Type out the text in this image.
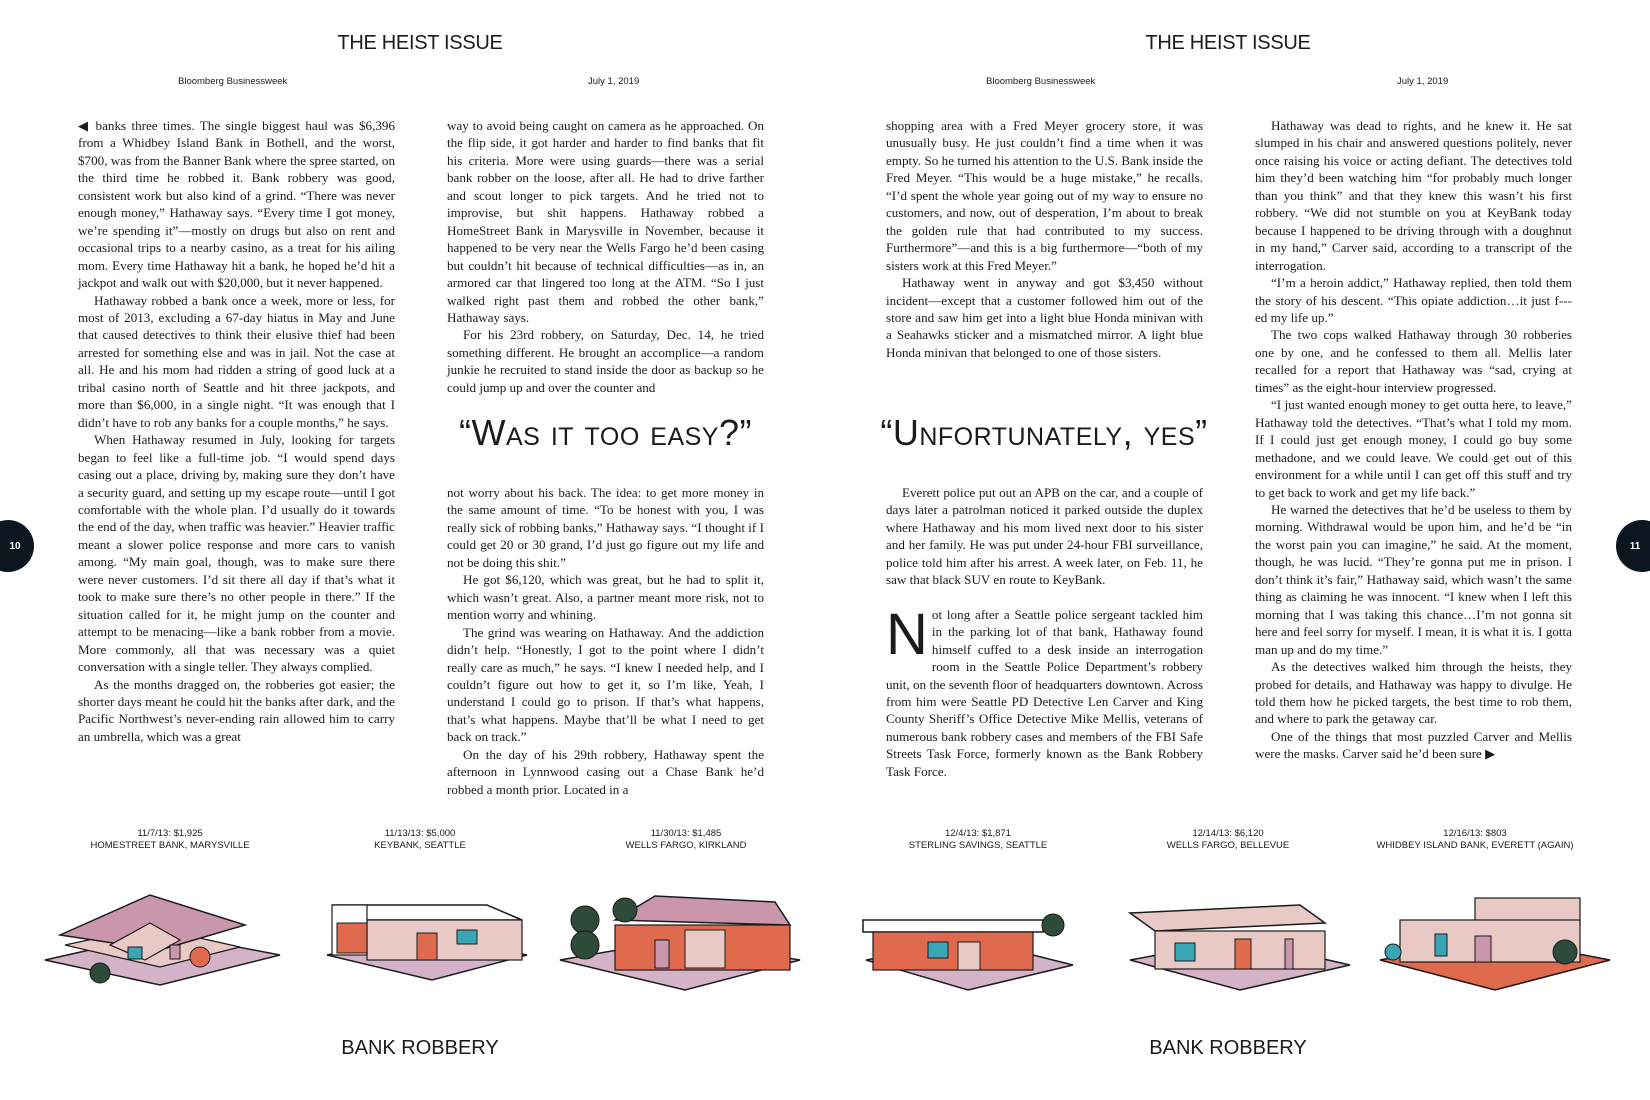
THE HEIST ISSUE
Bloomberg Businessweek	July 1, 2019

◀ banks three times. The single biggest haul was $6,396 from a Whidbey Island Bank in Bothell, and the worst, $700, was from the Banner Bank where the spree started, on the third time he robbed it. Bank robbery was good, consistent work but also kind of a grind. “There was never enough money,” Hathaway says. “Every time I got money, we’re spending it”—mostly on drugs but also on rent and occasional trips to a nearby casino, as a treat for his ailing mom. Every time Hathaway hit a bank, he hoped he’d hit a jackpot and walk out with $20,000, but it never happened.

Hathaway robbed a bank once a week, more or less, for most of 2013, excluding a 67-day hiatus in May and June that caused detectives to think their elusive thief had been arrested for something else and was in jail. Not the case at all. He and his mom had ridden a string of good luck at a tribal casino north of Seattle and hit three jackpots, and more than $6,000, in a single night. “It was enough that I didn’t have to rob any banks for a couple months,” he says.

When Hathaway resumed in July, looking for targets began to feel like a full-time job. “I would spend days casing out a place, driving by, making sure they don’t have a security guard, and setting up my escape route—until I got comfortable with the whole plan. I’d usually do it towards the end of the day, when traffic was heavier.” Heavier traffic meant a slower police response and more cars to vanish among. “My main goal, though, was to make sure there were never customers. I’d sit there all day if that’s what it took to make sure there’s no other people in there.” If the situation called for it, he might jump on the counter and attempt to be menacing—like a bank robber from a movie. More commonly, all that was necessary was a quiet conversation with a single teller. They always complied.

As the months dragged on, the robberies got easier; the shorter days meant he could hit the banks after dark, and the Pacific Northwest’s never-ending rain allowed him to carry an umbrella, which was a great

way to avoid being caught on camera as he approached. On the flip side, it got harder and harder to find banks that fit his criteria. More were using guards—there was a serial bank robber on the loose, after all. He had to drive farther and scout longer to pick targets. And he tried not to improvise, but shit happens. Hathaway robbed a HomeStreet Bank in Marysville in November, because it happened to be very near the Wells Fargo he’d been casing but couldn’t hit because of technical difficulties—as in, an armored car that lingered too long at the ATM. “So I just walked right past them and robbed the other bank,” Hathaway says.

For his 23rd robbery, on Saturday, Dec. 14, he tried something different. He brought an accomplice—a random junkie he recruited to stand inside the door as backup so he could jump up and over the counter and

“Was it too easy?”

not worry about his back. The idea: to get more money in the same amount of time. “To be honest with you, I was really sick of robbing banks,” Hathaway says. “I thought if I could get 20 or 30 grand, I’d just go figure out my life and not be doing this shit.”

He got $6,120, which was great, but he had to split it, which wasn’t great. Also, a partner meant more risk, not to mention worry and whining.

The grind was wearing on Hathaway. And the addiction didn’t help. “Honestly, I got to the point where I didn’t really care as much,” he says. “I knew I needed help, and I couldn’t figure out how to get it, so I’m like, Yeah, I understand I could go to prison. If that’s what happens, that’s what happens. Maybe that’ll be what I need to get back on track.”

On the day of his 29th robbery, Hathaway spent the afternoon in Lynnwood casing out a Chase Bank he’d robbed a month prior. Located in a

10
THE HEIST ISSUE
Bloomberg Businessweek	July 1, 2019

shopping area with a Fred Meyer grocery store, it was unusually busy. He just couldn’t find a time when it was empty. So he turned his attention to the U.S. Bank inside the Fred Meyer. “This would be a huge mistake,” he recalls. “I’d spent the whole year going out of my way to ensure no customers, and now, out of desperation, I’m about to break the golden rule that had contributed to my success. Furthermore”—and this is a big furthermore—“both of my sisters work at this Fred Meyer.”

Hathaway went in anyway and got $3,450 without incident—except that a customer followed him out of the store and saw him get into a light blue Honda minivan with a Seahawks sticker and a mismatched mirror. A light blue Honda minivan that belonged to one of those sisters.

“Unfortunately, yes”

Everett police put out an APB on the car, and a couple of days later a patrolman noticed it parked outside the duplex where Hathaway and his mom lived next door to his sister and her family. He was put under 24-hour FBI surveillance, police told him after his arrest. A week later, on Feb. 11, he saw that black SUV en route to KeyBank.

Not long after a Seattle police sergeant tackled him in the parking lot of that bank, Hathaway found himself cuffed to a desk inside an interrogation room in the Seattle Police Department’s robbery unit, on the seventh floor of headquarters downtown. Across from him were Seattle PD Detective Len Carver and King County Sheriff’s Office Detective Mike Mellis, veterans of numerous bank robbery cases and members of the FBI Safe Streets Task Force, formerly known as the Bank Robbery Task Force.

Hathaway was dead to rights, and he knew it. He sat slumped in his chair and answered questions politely, never once raising his voice or acting defiant. The detectives told him they’d been watching him “for probably much longer than you think” and that they knew this wasn’t his first robbery. “We did not stumble on you at KeyBank today because I happened to be driving through with a doughnut in my hand,” Carver said, according to a transcript of the interrogation.

“I’m a heroin addict,” Hathaway replied, then told them the story of his descent. “This opiate addiction…it just f---ed my life up.”

The two cops walked Hathaway through 30 robberies one by one, and he confessed to them all. Mellis later recalled for a report that Hathaway was “sad, crying at times” as the eight-hour interview progressed.

“I just wanted enough money to get outta here, to leave,” Hathaway told the detectives. “That’s what I told my mom. If I could just get enough money, I could go buy some methadone, and we could leave. We could get out of this environment for a while until I can get off this stuff and try to get back to work and get my life back.”

He warned the detectives that he’d be useless to them by morning. Withdrawal would be upon him, and he’d be “in the worst pain you can imagine,” he said. At the moment, though, he was lucid. “They’re gonna put me in prison. I don’t think it’s fair,” Hathaway said, which wasn’t the same thing as claiming he was innocent. “I knew when I left this morning that I was taking this chance…I’m not gonna sit here and feel sorry for myself. I mean, it is what it is. I gotta man up and do my time.”

As the detectives walked him through the heists, they probed for details, and Hathaway was happy to divulge. He told them how he picked targets, the best time to rob them, and where to park the getaway car.

One of the things that most puzzled Carver and Mellis were the masks. Carver said he’d been sure ▶

11
11/7/13: $1,925
HOMESTREET BANK, MARYSVILLE
11/13/13: $5,000
KEYBANK, SEATTLE
11/30/13: $1,485
WELLS FARGO, KIRKLAND
12/4/13: $1,871
STERLING SAVINGS, SEATTLE
12/14/13: $6,120
WELLS FARGO, BELLEVUE
12/16/13: $803
WHIDBEY ISLAND BANK, EVERETT (AGAIN)
BANK ROBBERY	BANK ROBBERY
